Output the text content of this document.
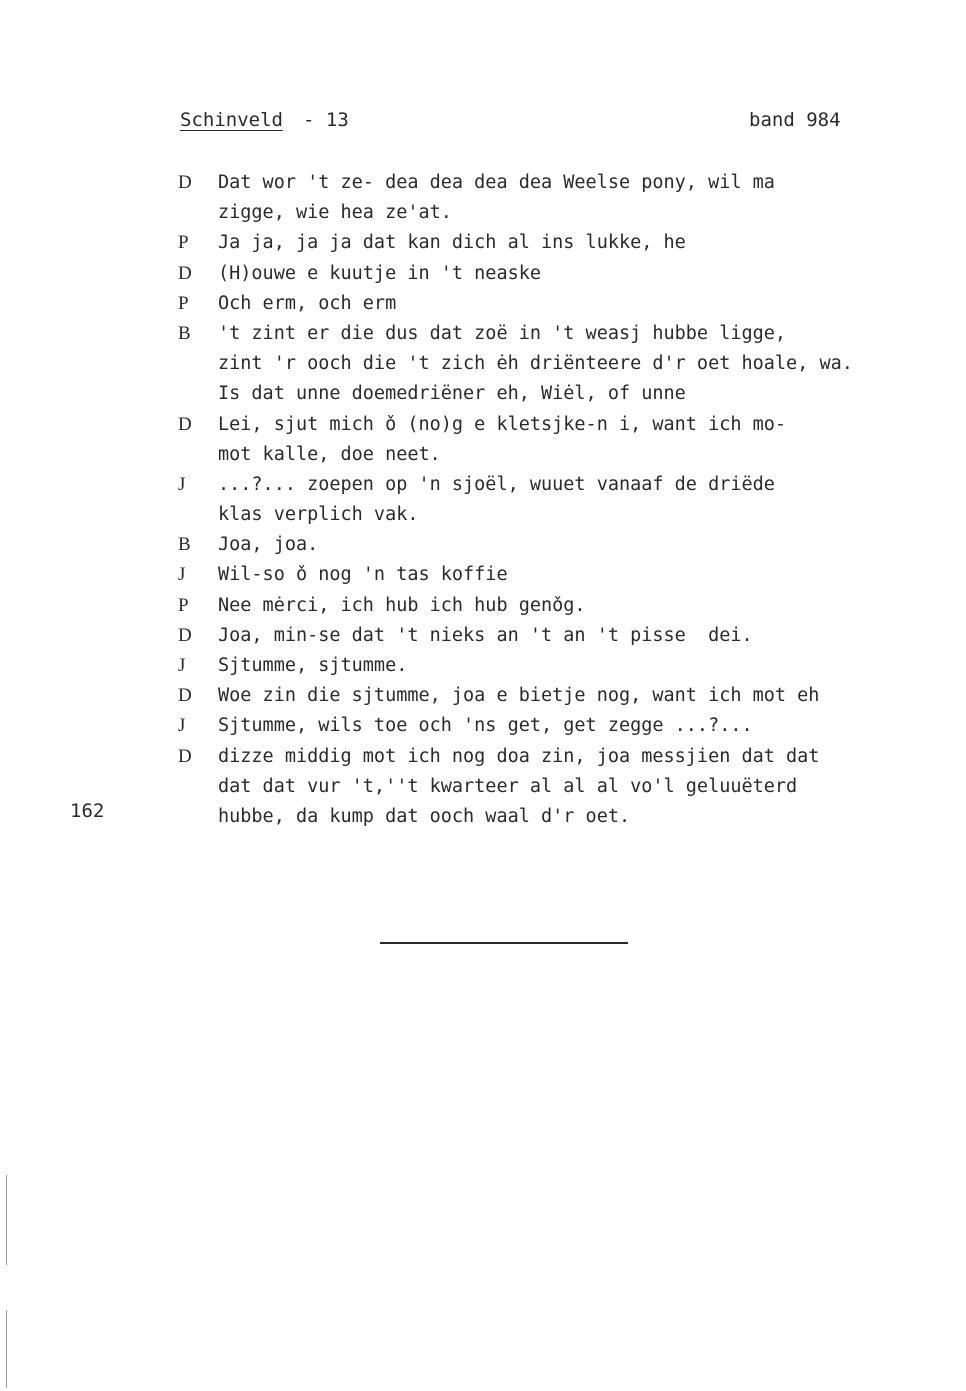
Schinveld - 13	band 984
D	Dat wor 't ze- dea dea dea dea Weelse pony, wil ma
zigge, wie hea ze'at.
P	Ja ja, ja ja dat kan dich al ins lukke, he
D	(H)ouwe e kuutje in 't neaske
P	Och erm, och erm
B	't zint er die dus dat zoë in 't weasj hubbe ligge,
zint 'r ooch die 't zich ėh driënteere d'r oet hoale, wa.
Is dat unne doemedriëner eh, Wiėl, of unne
D	Lei, sjut mich ǒ (no)g e kletsjke-n i, want ich mo-
mot kalle, doe neet.
J	...?... zoepen op 'n sjoël, wuuet vanaaf de driëde
klas verplich vak.
B	Joa, joa.
J	Wil-so ǒ nog 'n tas koffie
P	Nee mėrci, ich hub ich hub genǒg.
D	Joa, min-se dat 't nieks an 't an 't pisse  dei.
J	Sjtumme, sjtumme.
D	Woe zin die sjtumme, joa e bietje nog, want ich mot eh
J	Sjtumme, wils toe och 'ns get, get zegge ...?...
D	dizze middig mot ich nog doa zin, joa messjien dat dat
dat dat vur 't,''t kwarteer al al al vo'l geluuëterd
hubbe, da kump dat ooch waal d'r oet.
162
